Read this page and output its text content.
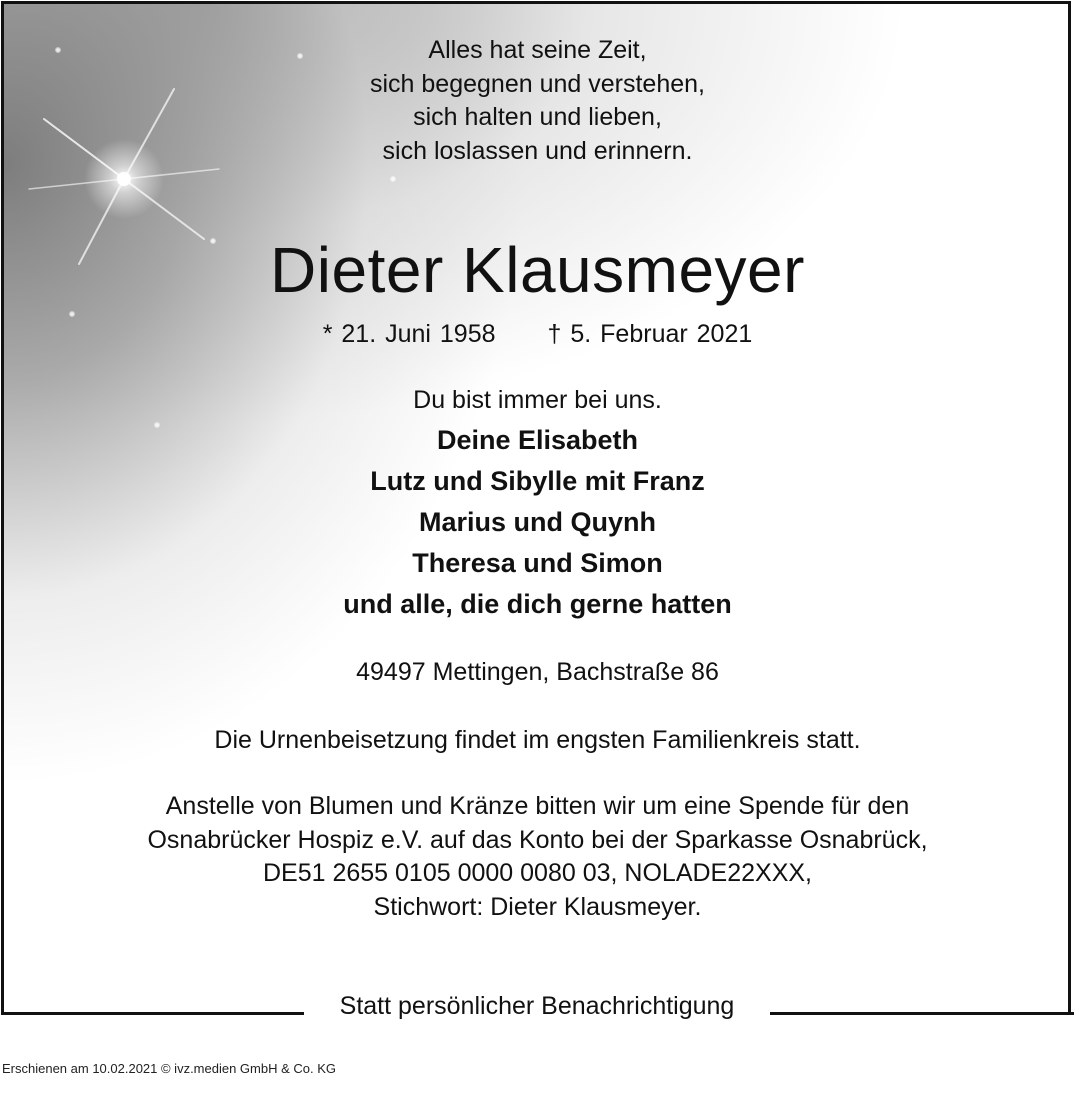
Alles hat seine Zeit,
sich begegnen und verstehen,
sich halten und lieben,
sich loslassen und erinnern.
Dieter Klausmeyer
* 21. Juni 1958 † 5. Februar 2021
Du bist immer bei uns.
Deine Elisabeth
Lutz und Sibylle mit Franz
Marius und Quynh
Theresa und Simon
und alle, die dich gerne hatten
49497 Mettingen, Bachstraße 86
Die Urnenbeisetzung findet im engsten Familienkreis statt.
Anstelle von Blumen und Kränze bitten wir um eine Spende für den
Osnabrücker Hospiz e.V. auf das Konto bei der Sparkasse Osnabrück,
DE51 2655 0105 0000 0080 03, NOLADE22XXX,
Stichwort: Dieter Klausmeyer.
Statt persönlicher Benachrichtigung
Erschienen am 10.02.2021 © ivz.medien GmbH & Co. KG
